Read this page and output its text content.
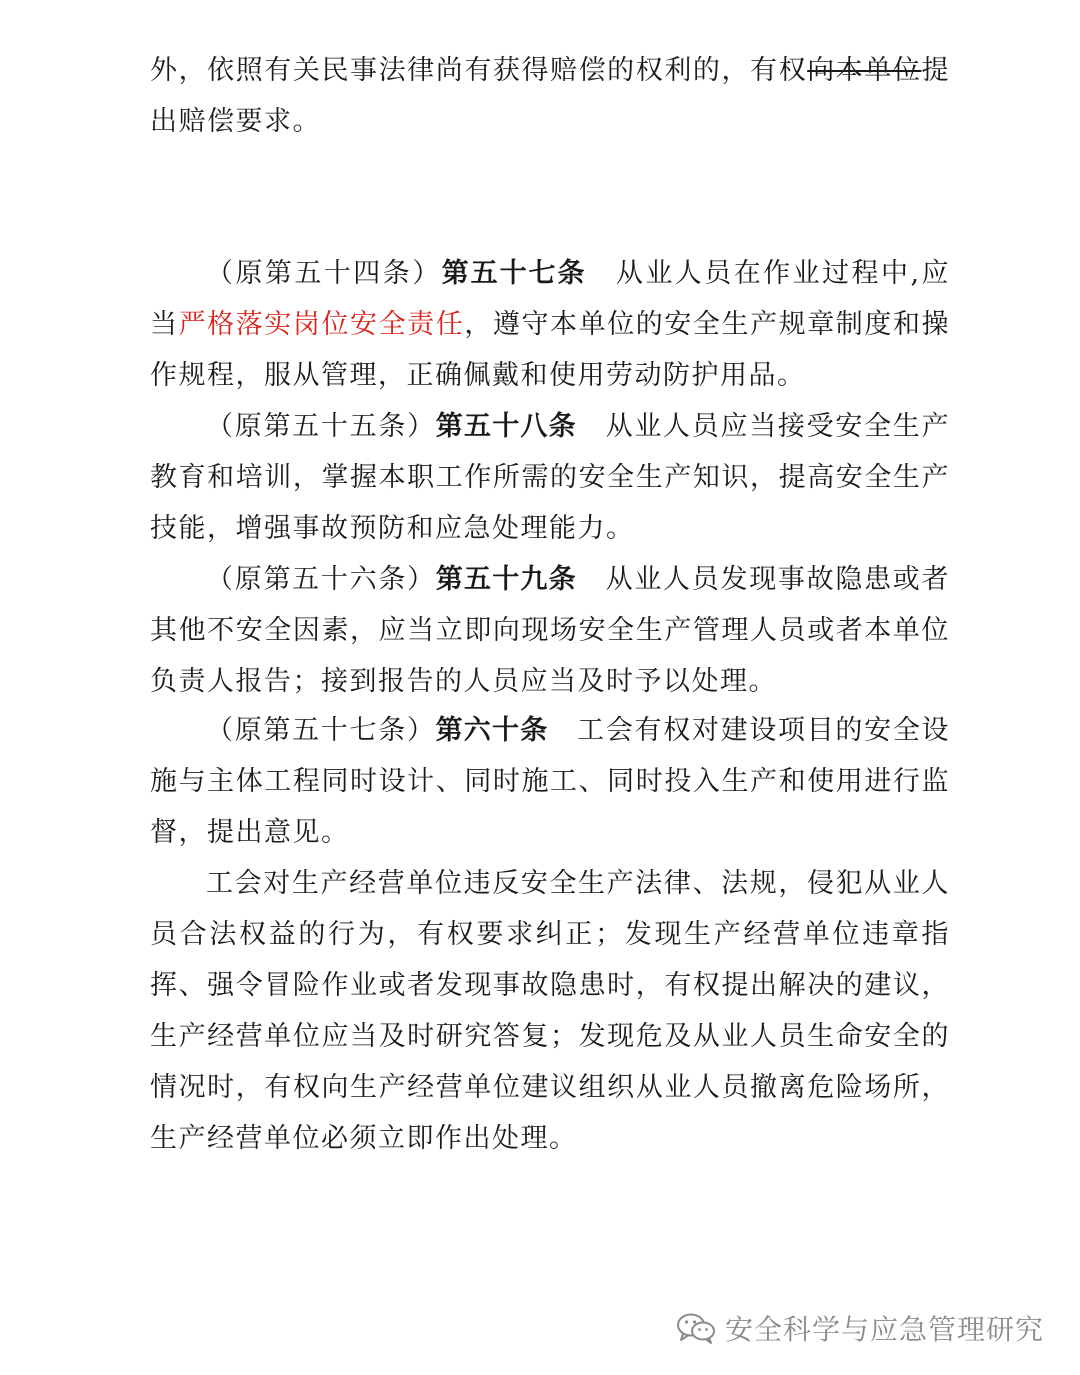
外，依照有关民事法律尚有获得赔偿的权利的，有权向本单位提出赔偿要求。

（原第五十四条）第五十七条　从业人员在作业过程中,应当严格落实岗位安全责任，遵守本单位的安全生产规章制度和操作规程，服从管理，正确佩戴和使用劳动防护用品。

（原第五十五条）第五十八条　从业人员应当接受安全生产教育和培训，掌握本职工作所需的安全生产知识，提高安全生产技能，增强事故预防和应急处理能力。

（原第五十六条）第五十九条　从业人员发现事故隐患或者其他不安全因素，应当立即向现场安全生产管理人员或者本单位负责人报告；接到报告的人员应当及时予以处理。

（原第五十七条）第六十条　工会有权对建设项目的安全设施与主体工程同时设计、同时施工、同时投入生产和使用进行监督，提出意见。

工会对生产经营单位违反安全生产法律、法规，侵犯从业人员合法权益的行为，有权要求纠正；发现生产经营单位违章指挥、强令冒险作业或者发现事故隐患时，有权提出解决的建议，生产经营单位应当及时研究答复；发现危及从业人员生命安全的情况时，有权向生产经营单位建议组织从业人员撤离危险场所，生产经营单位必须立即作出处理。

安全科学与应急管理研究
